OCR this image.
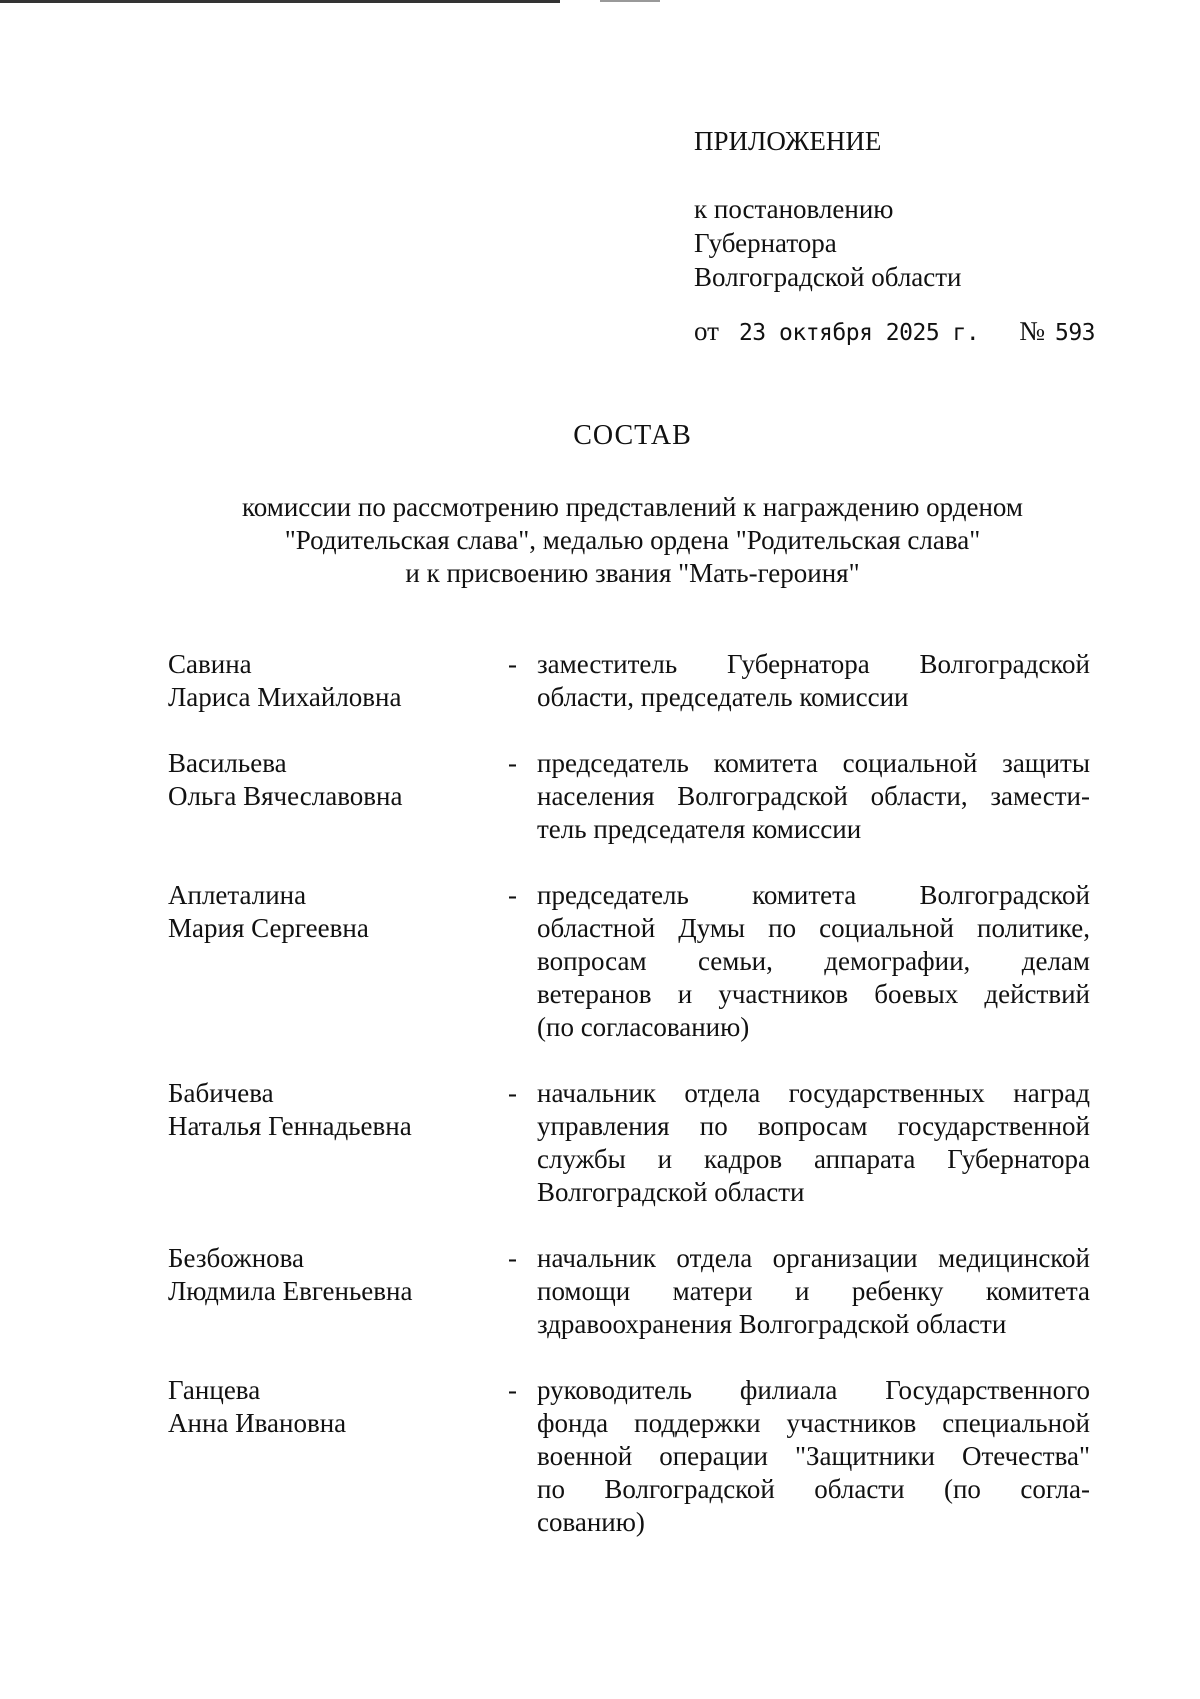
ПРИЛОЖЕНИЕ
к постановлению
Губернатора
Волгоградской области
от 23 октября 2025 г. № 593
СОСТАВ
комиссии по рассмотрению представлений к награждению орденом
"Родительская слава", медалью ордена "Родительская слава"
и к присвоению звания "Мать-героиня"
Савина
Лариса Михайловна
- заместитель Губернатора Волгоградской
области, председатель комиссии
Васильева
Ольга Вячеславовна
- председатель комитета социальной защиты
населения Волгоградской области, замести-
тель председателя комиссии
Аплеталина
Мария Сергеевна
- председатель комитета Волгоградской
областной Думы по социальной политике,
вопросам семьи, демографии, делам
ветеранов и участников боевых действий
(по согласованию)
Бабичева
Наталья Геннадьевна
- начальник отдела государственных наград
управления по вопросам государственной
службы и кадров аппарата Губернатора
Волгоградской области
Безбожнова
Людмила Евгеньевна
- начальник отдела организации медицинской
помощи матери и ребенку комитета
здравоохранения Волгоградской области
Ганцева
Анна Ивановна
- руководитель филиала Государственного
фонда поддержки участников специальной
военной операции "Защитники Отечества"
по Волгоградской области (по согла-
сованию)
